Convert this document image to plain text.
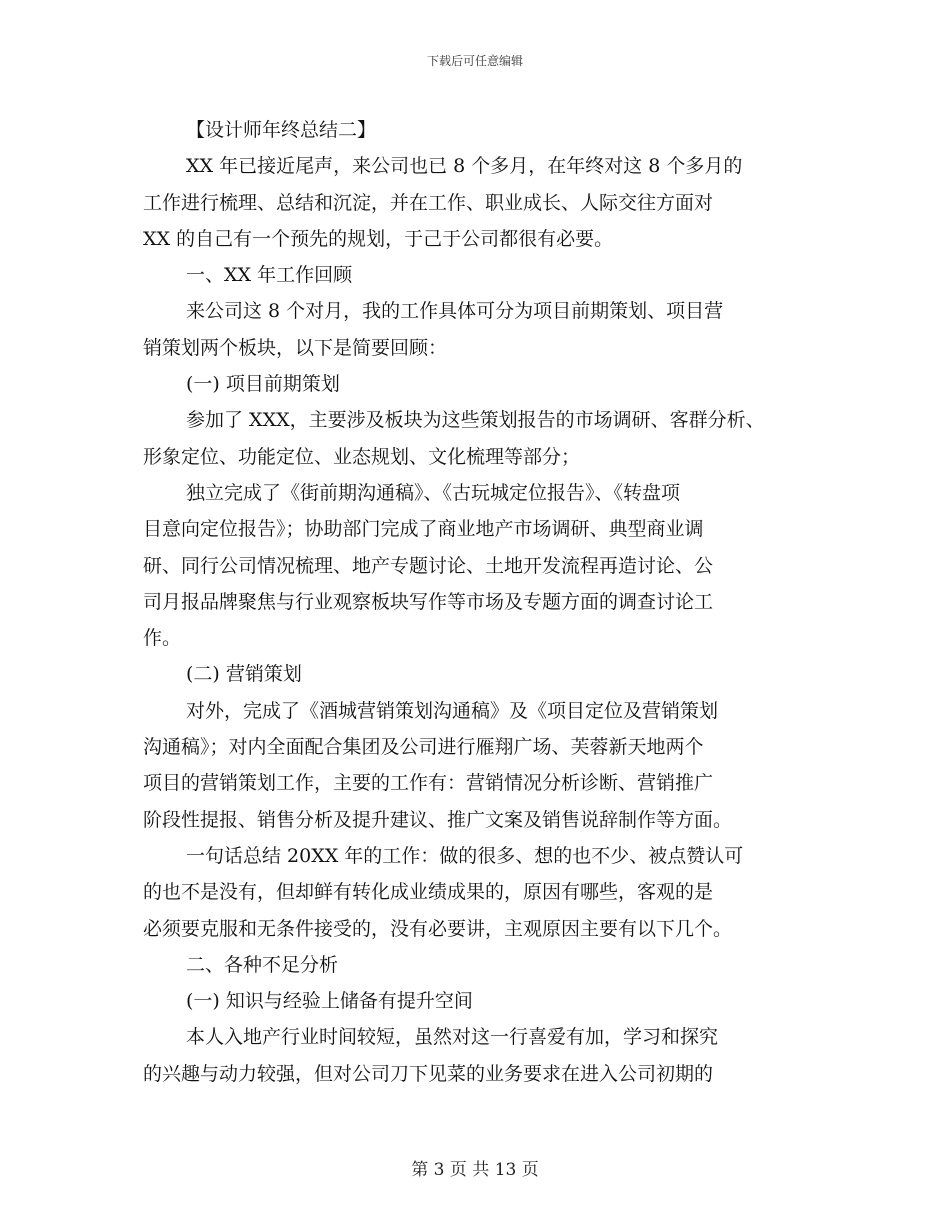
下载后可任意编辑
【设计师年终总结二】
XX 年已接近尾声，来公司也已 8 个多月，在年终对这 8 个多月的
工作进行梳理、总结和沉淀，并在工作、职业成长、人际交往方面对
XX 的自己有一个预先的规划，于己于公司都很有必要。
一、XX 年工作回顾
来公司这 8 个对月，我的工作具体可分为项目前期策划、项目营
销策划两个板块，以下是简要回顾：
(一) 项目前期策划
参加了 XXX，主要涉及板块为这些策划报告的市场调研、客群分析、
形象定位、功能定位、业态规划、文化梳理等部分；
独立完成了《街前期沟通稿》、《古玩城定位报告》、《转盘项
目意向定位报告》；协助部门完成了商业地产市场调研、典型商业调
研、同行公司情况梳理、地产专题讨论、土地开发流程再造讨论、公
司月报品牌聚焦与行业观察板块写作等市场及专题方面的调查讨论工
作。
(二) 营销策划
对外，完成了《酒城营销策划沟通稿》及《项目定位及营销策划
沟通稿》；对内全面配合集团及公司进行雁翔广场、芙蓉新天地两个
项目的营销策划工作，主要的工作有：营销情况分析诊断、营销推广
阶段性提报、销售分析及提升建议、推广文案及销售说辞制作等方面。
一句话总结 20XX 年的工作：做的很多、想的也不少、被点赞认可
的也不是没有，但却鲜有转化成业绩成果的，原因有哪些，客观的是
必须要克服和无条件接受的，没有必要讲，主观原因主要有以下几个。
二、各种不足分析
(一) 知识与经验上储备有提升空间
本人入地产行业时间较短，虽然对这一行喜爱有加，学习和探究
的兴趣与动力较强，但对公司刀下见菜的业务要求在进入公司初期的
第 3 页 共 13 页
